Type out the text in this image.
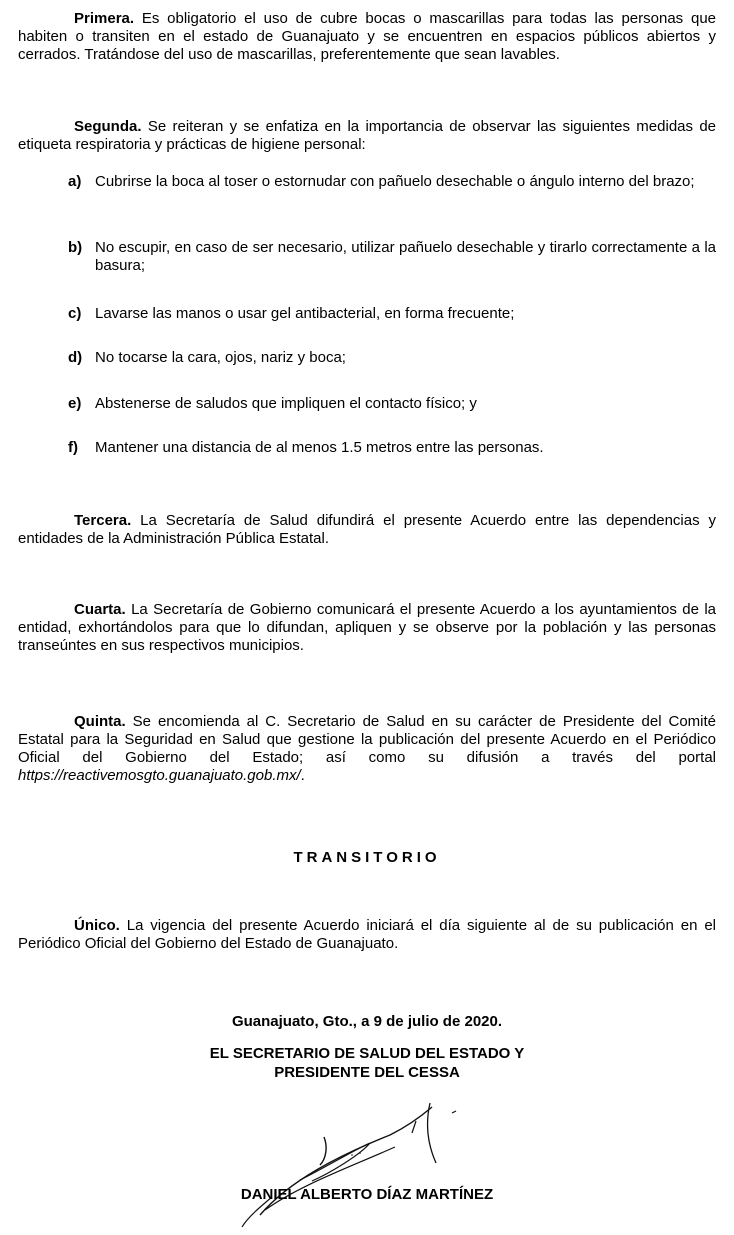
Primera. Es obligatorio el uso de cubre bocas o mascarillas para todas las personas que habiten o transiten en el estado de Guanajuato y se encuentren en espacios públicos abiertos y cerrados. Tratándose del uso de mascarillas, preferentemente que sean lavables.

Segunda. Se reiteran y se enfatiza en la importancia de observar las siguientes medidas de etiqueta respiratoria y prácticas de higiene personal:

a) Cubrirse la boca al toser o estornudar con pañuelo desechable o ángulo interno del brazo;
b) No escupir, en caso de ser necesario, utilizar pañuelo desechable y tirarlo correctamente a la basura;
c) Lavarse las manos o usar gel antibacterial, en forma frecuente;
d) No tocarse la cara, ojos, nariz y boca;
e) Abstenerse de saludos que impliquen el contacto físico; y
f) Mantener una distancia de al menos 1.5 metros entre las personas.

Tercera. La Secretaría de Salud difundirá el presente Acuerdo entre las dependencias y entidades de la Administración Pública Estatal.

Cuarta. La Secretaría de Gobierno comunicará el presente Acuerdo a los ayuntamientos de la entidad, exhortándolos para que lo difundan, apliquen y se observe por la población y las personas transeúntes en sus respectivos municipios.

Quinta. Se encomienda al C. Secretario de Salud en su carácter de Presidente del Comité Estatal para la Seguridad en Salud que gestione la publicación del presente Acuerdo en el Periódico Oficial del Gobierno del Estado; así como su difusión a través del portal https://reactivemosgto.guanajuato.gob.mx/.

TRANSITORIO

Único. La vigencia del presente Acuerdo iniciará el día siguiente al de su publicación en el Periódico Oficial del Gobierno del Estado de Guanajuato.

Guanajuato, Gto., a 9 de julio de 2020.
EL SECRETARIO DE SALUD DEL ESTADO Y
PRESIDENTE DEL CESSA
DANIEL ALBERTO DÍAZ MARTÍNEZ
